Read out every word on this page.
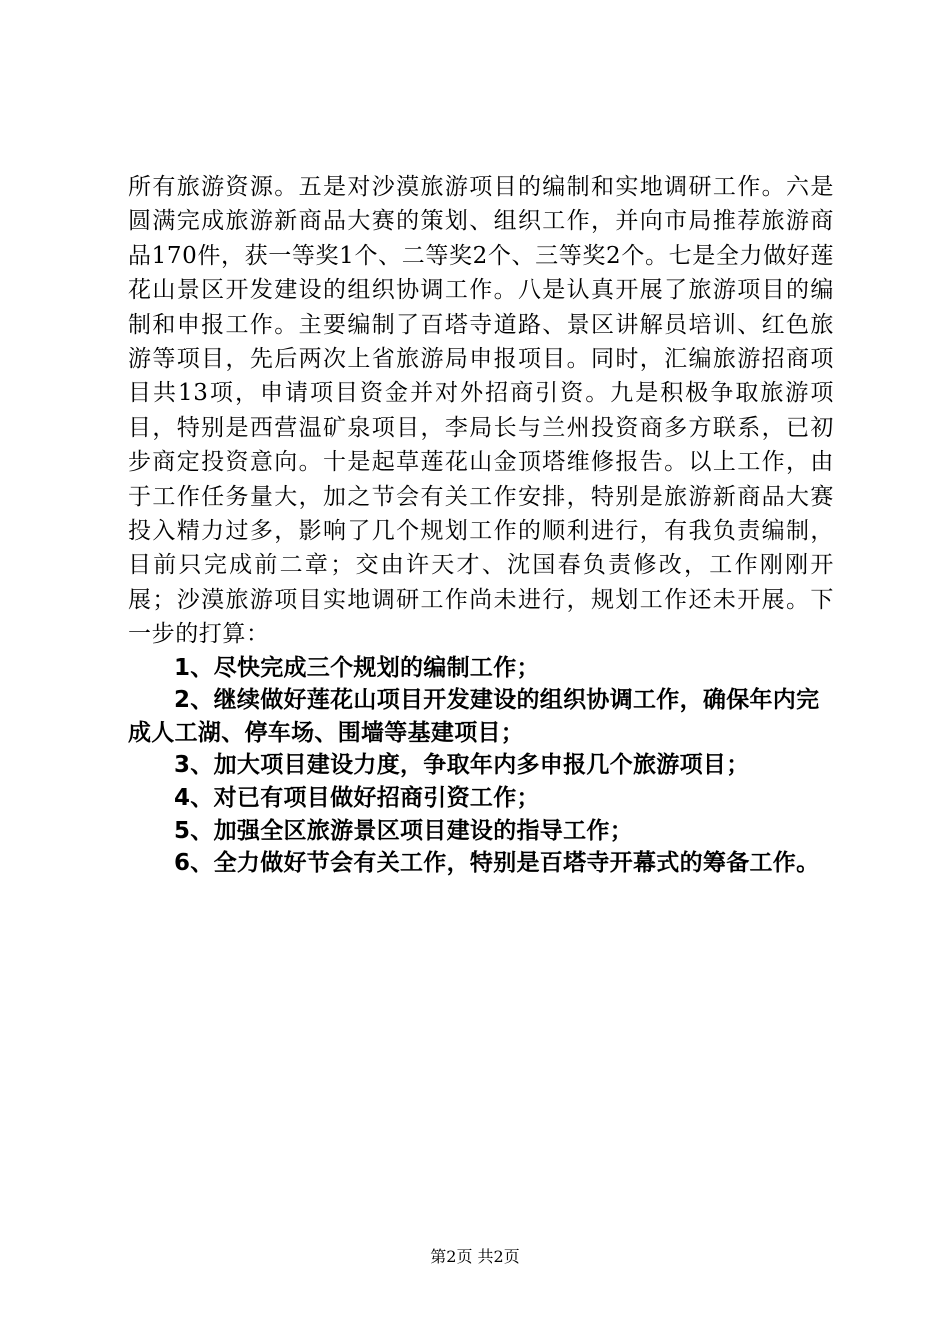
所有旅游资源。五是对沙漠旅游项目的编制和实地调研工作。六是圆满完成旅游新商品大赛的策划、组织工作，并向市局推荐旅游商品170件，获一等奖1个、二等奖2个、三等奖2个。七是全力做好莲花山景区开发建设的组织协调工作。八是认真开展了旅游项目的编制和申报工作。主要编制了百塔寺道路、景区讲解员培训、红色旅游等项目，先后两次上省旅游局申报项目。同时，汇编旅游招商项目共13项，申请项目资金并对外招商引资。九是积极争取旅游项目，特别是西营温矿泉项目，李局长与兰州投资商多方联系，已初步商定投资意向。十是起草莲花山金顶塔维修报告。以上工作，由于工作任务量大，加之节会有关工作安排，特别是旅游新商品大赛投入精力过多，影响了几个规划工作的顺利进行，有我负责编制，目前只完成前二章；交由许天才、沈国春负责修改，工作刚刚开展；沙漠旅游项目实地调研工作尚未进行，规划工作还未开展。下一步的打算：

1、尽快完成三个规划的编制工作；
2、继续做好莲花山项目开发建设的组织协调工作，确保年内完成人工湖、停车场、围墙等基建项目；
3、加大项目建设力度，争取年内多申报几个旅游项目；
4、对已有项目做好招商引资工作；
5、加强全区旅游景区项目建设的指导工作；
6、全力做好节会有关工作，特别是百塔寺开幕式的筹备工作。
第2页 共2页
